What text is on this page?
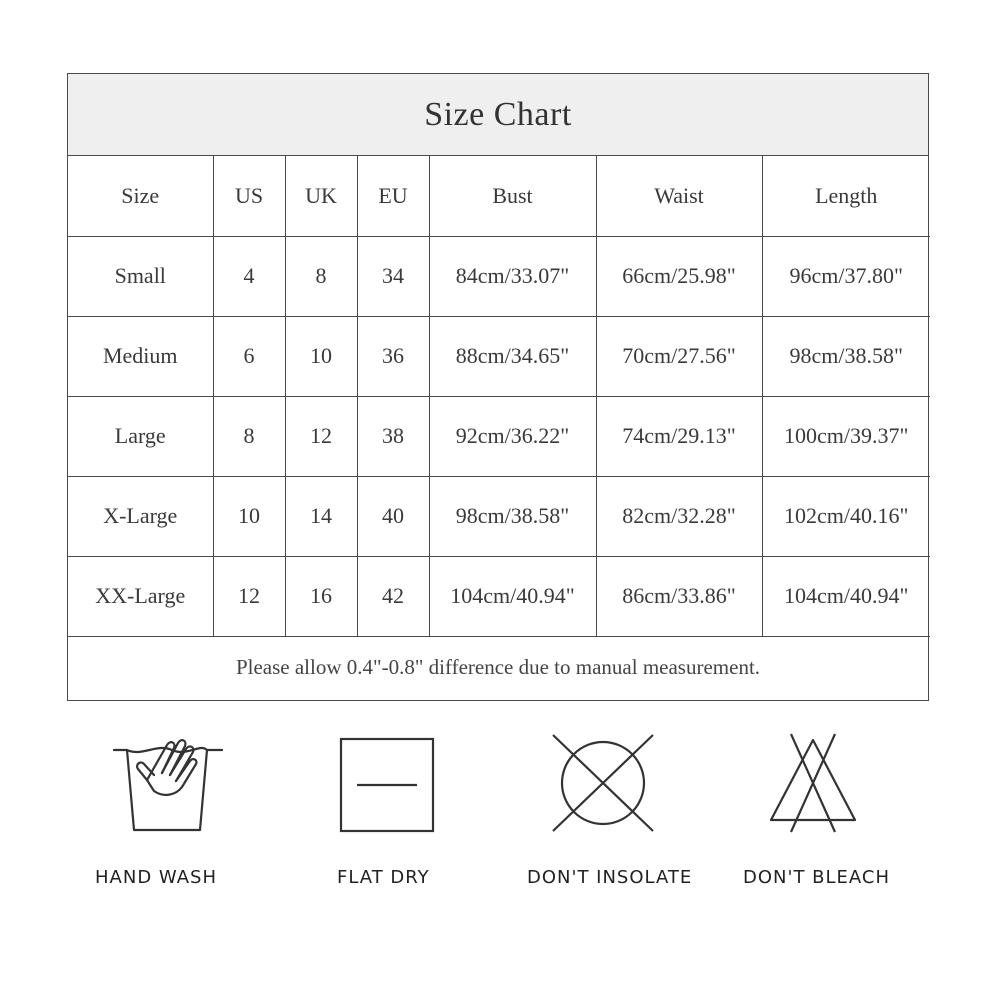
Size Chart
Size	US	UK	EU	Bust	Waist	Length
Small	4	8	34	84cm/33.07"	66cm/25.98"	96cm/37.80"
Medium	6	10	36	88cm/34.65"	70cm/27.56"	98cm/38.58"
Large	8	12	38	92cm/36.22"	74cm/29.13"	100cm/39.37"
X-Large	10	14	40	98cm/38.58"	82cm/32.28"	102cm/40.16"
XX-Large	12	16	42	104cm/40.94"	86cm/33.86"	104cm/40.94"
Please allow 0.4"-0.8" difference due to manual measurement.
HAND WASH	FLAT DRY	DON'T INSOLATE	DON'T BLEACH
